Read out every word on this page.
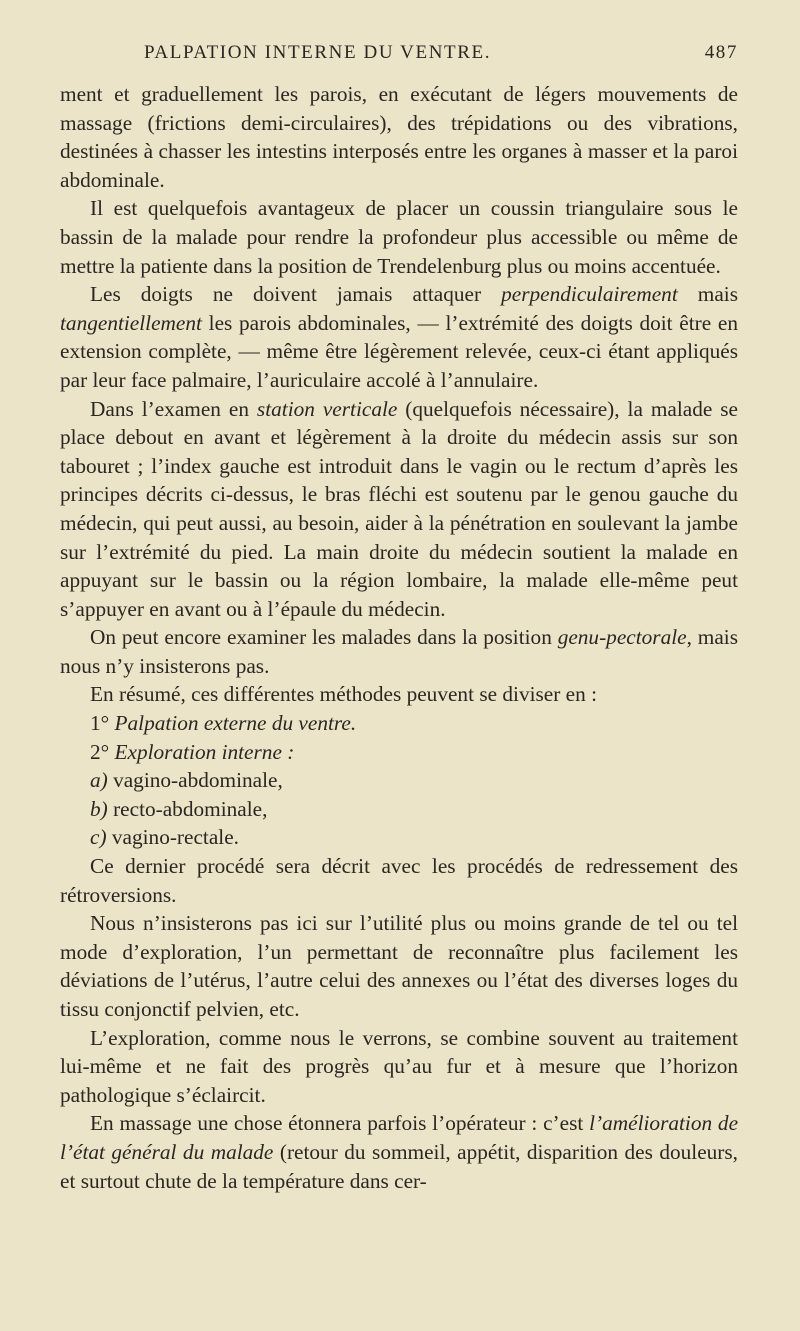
PALPATION INTERNE DU VENTRE.	487

ment et graduellement les parois, en exécutant de légers mouvements de massage (frictions demi-circulaires), des trépidations ou des vibrations, destinées à chasser les intestins interposés entre les organes à masser et la paroi abdominale.

Il est quelquefois avantageux de placer un coussin triangulaire sous le bassin de la malade pour rendre la profondeur plus accessible ou même de mettre la patiente dans la position de Trendelenburg plus ou moins accentuée.

Les doigts ne doivent jamais attaquer perpendiculairement mais tangentiellement les parois abdominales, — l’extrémité des doigts doit être en extension complète, — même être légèrement relevée, ceux-ci étant appliqués par leur face palmaire, l’auriculaire accolé à l’annulaire.

Dans l’examen en station verticale (quelquefois nécessaire), la malade se place debout en avant et légèrement à la droite du médecin assis sur son tabouret ; l’index gauche est introduit dans le vagin ou le rectum d’après les principes décrits ci-dessus, le bras fléchi est soutenu par le genou gauche du médecin, qui peut aussi, au besoin, aider à la pénétration en soulevant la jambe sur l’extrémité du pied. La main droite du médecin soutient la malade en appuyant sur le bassin ou la région lombaire, la malade elle-même peut s’appuyer en avant ou à l’épaule du médecin.

On peut encore examiner les malades dans la position genu-pectorale, mais nous n’y insisterons pas.

En résumé, ces différentes méthodes peuvent se diviser en :

1° Palpation externe du ventre.

2° Exploration interne :

a) vagino-abdominale,

b) recto-abdominale,

c) vagino-rectale.

Ce dernier procédé sera décrit avec les procédés de redressement des rétroversions.

Nous n’insisterons pas ici sur l’utilité plus ou moins grande de tel ou tel mode d’exploration, l’un permettant de reconnaître plus facilement les déviations de l’utérus, l’autre celui des annexes ou l’état des diverses loges du tissu conjonctif pelvien, etc.

L’exploration, comme nous le verrons, se combine souvent au traitement lui-même et ne fait des progrès qu’au fur et à mesure que l’horizon pathologique s’éclaircit.

En massage une chose étonnera parfois l’opérateur : c’est l’amélioration de l’état général du malade (retour du sommeil, appétit, disparition des douleurs, et surtout chute de la température dans cer-
